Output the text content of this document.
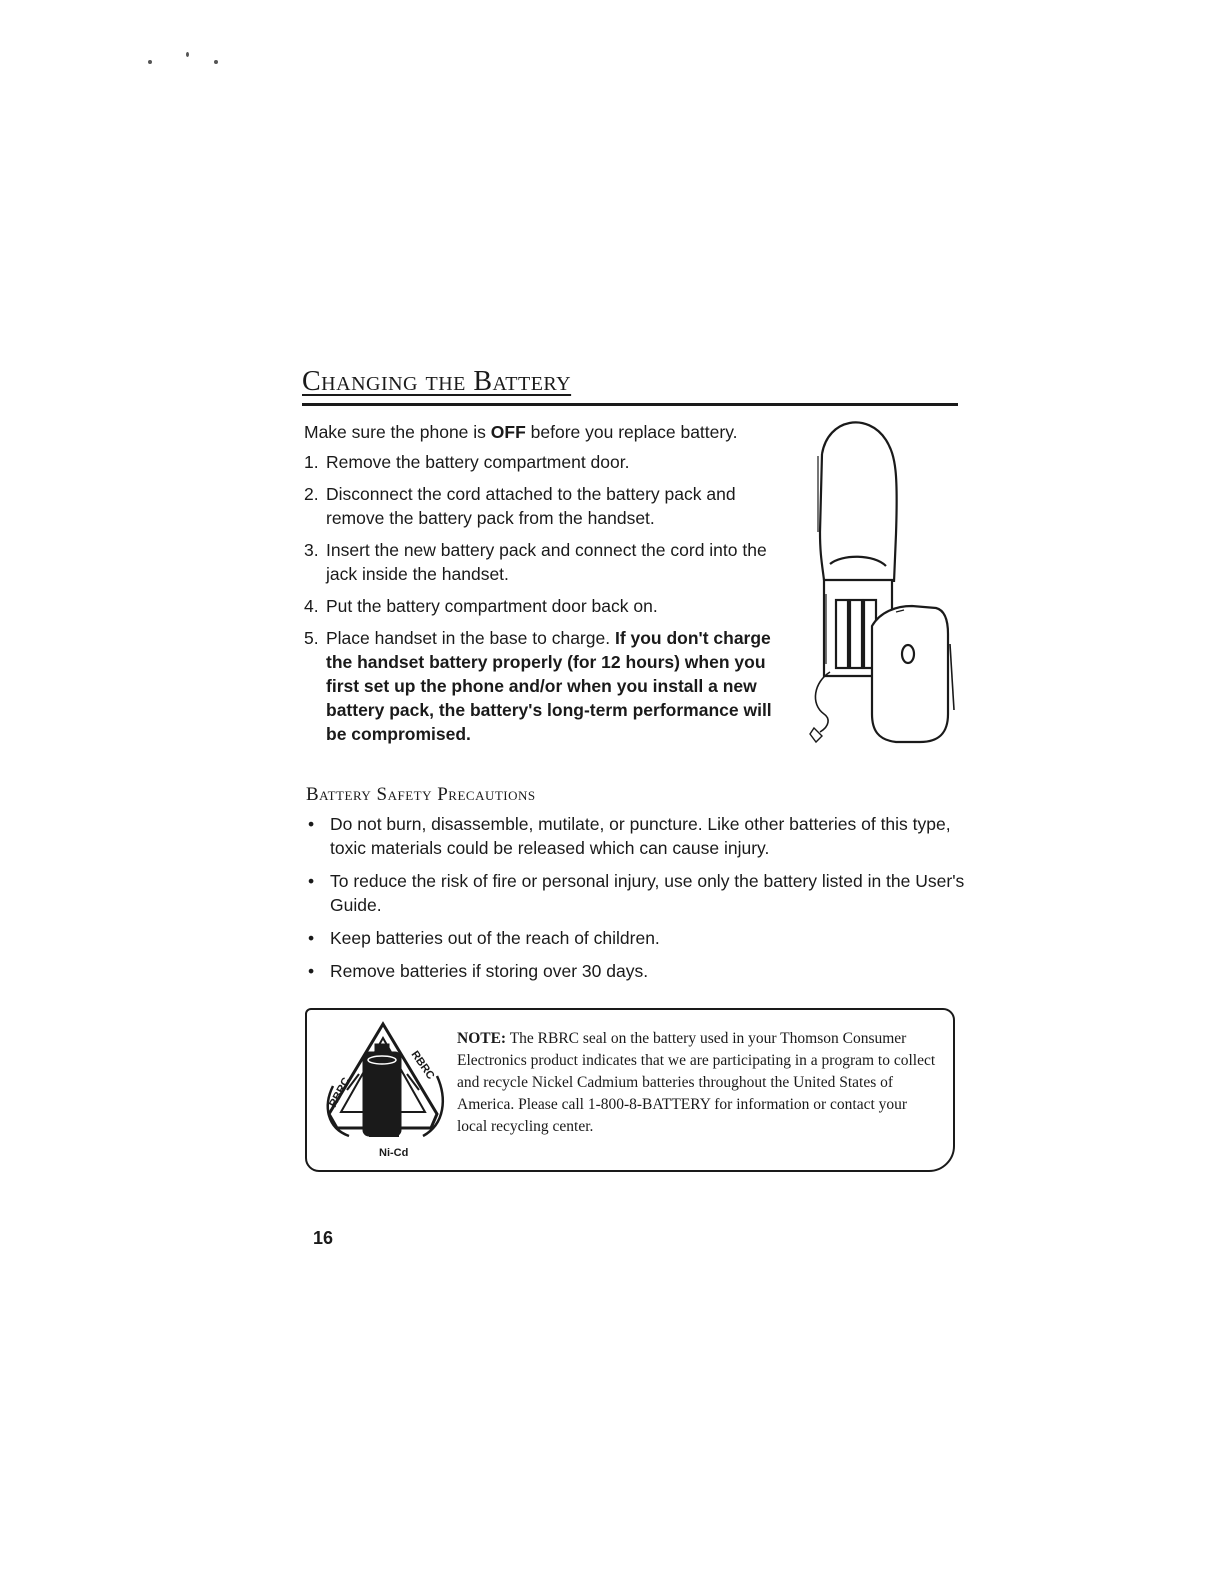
Changing the Battery

Make sure the phone is OFF before you replace battery.

1. Remove the battery compartment door.
2. Disconnect the cord attached to the battery pack and remove the battery pack from the handset.
3. Insert the new battery pack and connect the cord into the jack inside the handset.
4. Put the battery compartment door back on.
5. Place handset in the base to charge. If you don't charge the handset battery properly (for 12 hours) when you first set up the phone and/or when you install a new battery pack, the battery's long-term performance will be compromised.
Battery Safety Precautions
• Do not burn, disassemble, mutilate, or puncture. Like other batteries of this type, toxic materials could be released which can cause injury.
• To reduce the risk of fire or personal injury, use only the battery listed in the User's Guide.
• Keep batteries out of the reach of children.
• Remove batteries if storing over 30 days.
RBRC
RBRC
Ni-Cd

NOTE: The RBRC seal on the battery used in your Thomson Consumer Electronics product indicates that we are participating in a program to collect and recycle Nickel Cadmium batteries throughout the United States of America. Please call 1-800-8-BATTERY for information or contact your local recycling center.

16
